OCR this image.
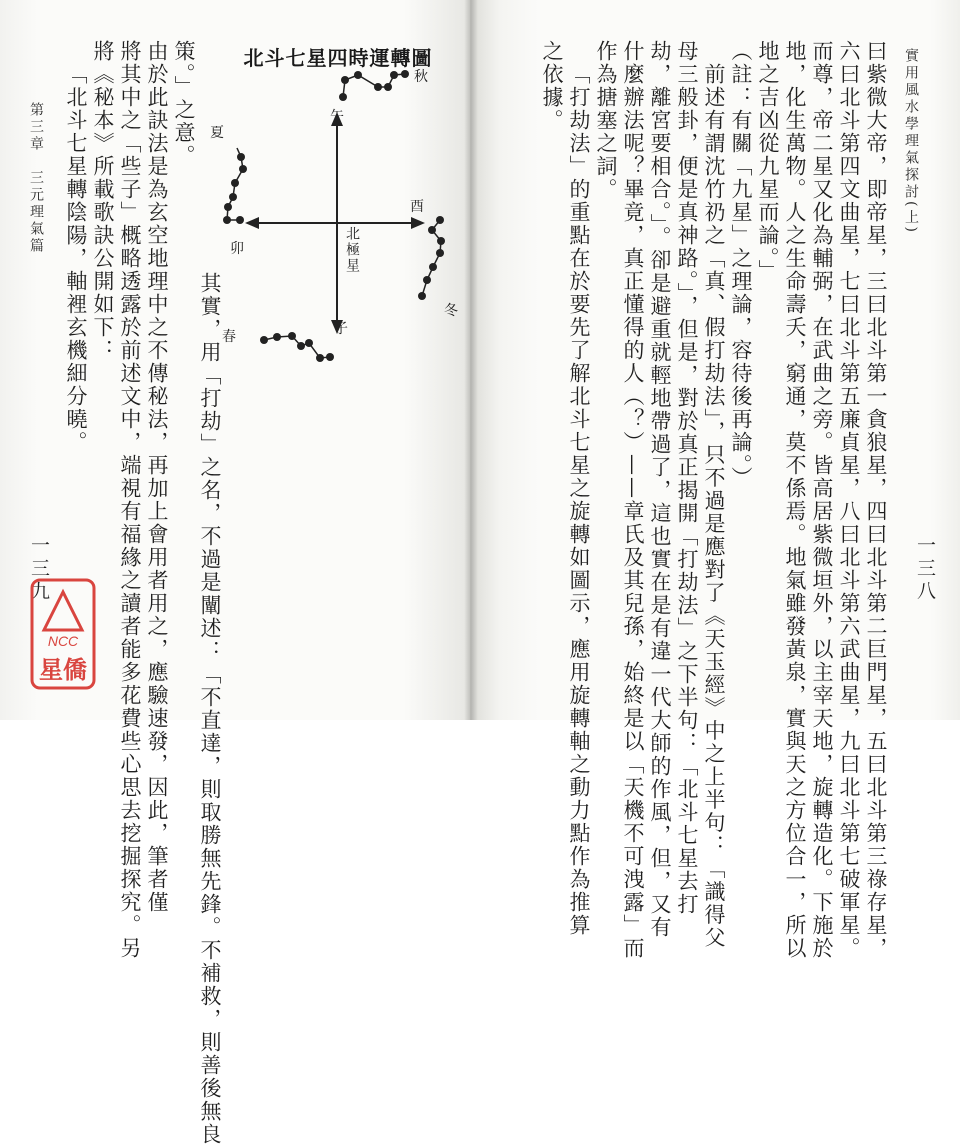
實用風水學理氣探討(上)
一三八
曰紫微大帝，即帝星，三曰北斗第一貪狼星，四曰北斗第二巨門星，五曰北斗第三祿存星，
六曰北斗第四文曲星，七曰北斗第五廉貞星，八曰北斗第六武曲星，九曰北斗第七破軍星。
而尊，帝二星又化為輔弼，在武曲之旁。皆高居紫微垣外，以主宰天地，旋轉造化。下施於
地，化生萬物。人之生命壽夭，窮通，莫不係焉。地氣雖發黃泉，實與天之方位合一，所以
地之吉凶從九星而論。」
（註：有關「九星」之理論，容待後再論。）
前述有謂沈竹礽之「真、假打劫法」，只不過是應對了《天玉經》中之上半句：「識得父
母三般卦，便是真神路。」，但是，對於真正揭開「打劫法」之下半句：「北斗七星去打
劫，離宮要相合。」。卻是避重就輕地帶過了，這也實在是有違一代大師的作風，但，又有
什麼辦法呢？畢竟，真正懂得的人（？）——章氏及其兒孫，始終是以「天機不可洩露」而
作為搪塞之詞。
「打劫法」的重點在於要先了解北斗七星之旋轉如圖示，應用旋轉軸之動力點作為推算
之依據。
北斗七星四時運轉圖
秋
夏
午
酉
卯	北極星
冬
子
春
策。」之意。
其實，用「打劫」之名，不過是闡述：「不直達，則取勝無先鋒。不補救，則善後無良
由於此訣法是為玄空地理中之不傳秘法，再加上會用者用之，應驗速發，因此，筆者僅
將其中之「些子」概略透露於前述文中，端視有福緣之讀者能多花費些心思去挖掘探究。另
將《秘本》所載歌訣公開如下：
「北斗七星轉陰陽，軸裡玄機細分曉。
第三章　三元理氣篇
一三九
NCC
星僑
